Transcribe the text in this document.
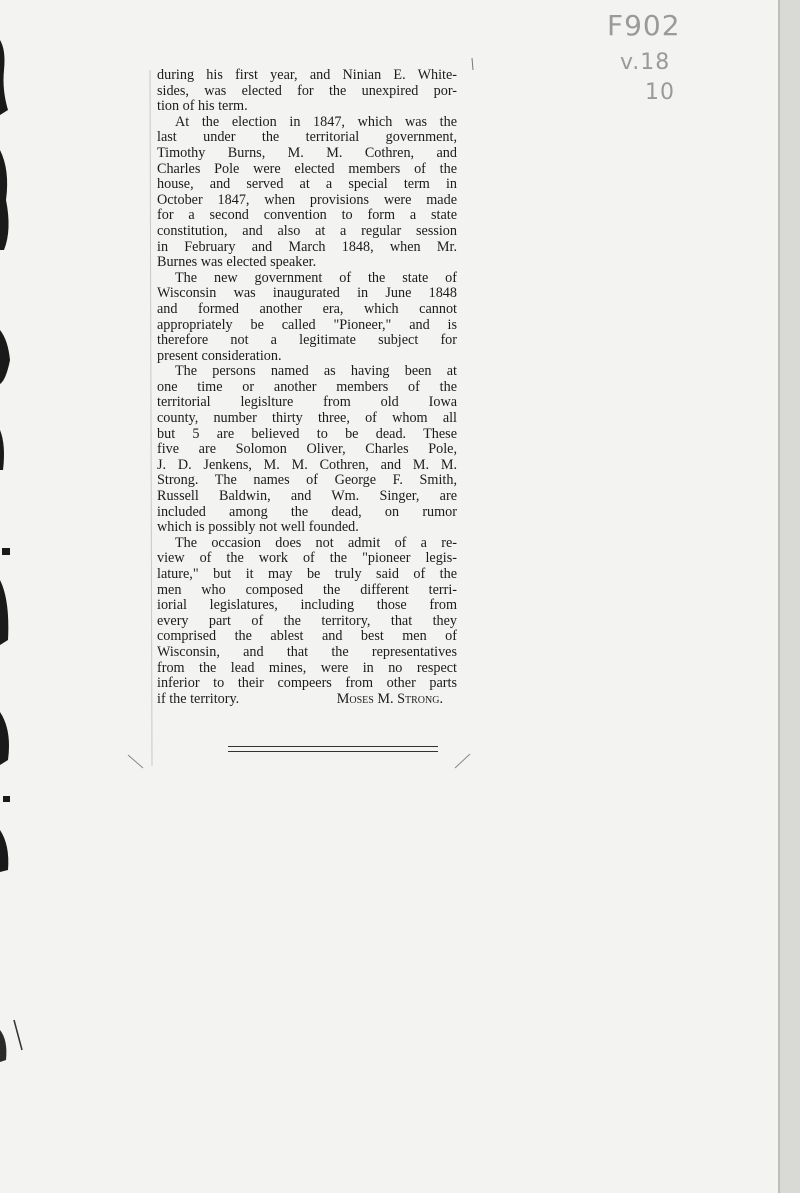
F902
v.18
10
during his first year, and Ninian E. White-
sides, was elected for the unexpired por-
tion of his term.
At the election in 1847, which was the
last under the territorial government,
Timothy Burns, M. M. Cothren, and
Charles Pole were elected members of the
house, and served at a special term in
October 1847, when provisions were made
for a second convention to form a state
constitution, and also at a regular session
in February and March 1848, when Mr.
Burnes was elected speaker.
The new government of the state of
Wisconsin was inaugurated in June 1848
and formed another era, which cannot
appropriately be called "Pioneer," and is
therefore not a legitimate subject for
present consideration.
The persons named as having been at
one time or another members of the
territorial legislture from old Iowa
county, number thirty three, of whom all
but 5 are believed to be dead. These
five are Solomon Oliver, Charles Pole,
J. D. Jenkens, M. M. Cothren, and M. M.
Strong. The names of George F. Smith,
Russell Baldwin, and Wm. Singer, are
included among the dead, on rumor
which is possibly not well founded.
The occasion does not admit of a re-
view of the work of the "pioneer legis-
lature," but it may be truly said of the
men who composed the different terri-
iorial legislatures, including those from
every part of the territory, that they
comprised the ablest and best men of
Wisconsin, and that the representatives
from the lead mines, were in no respect
inferior to their compeers from other parts
if the territory.	Moses M. Strong.
